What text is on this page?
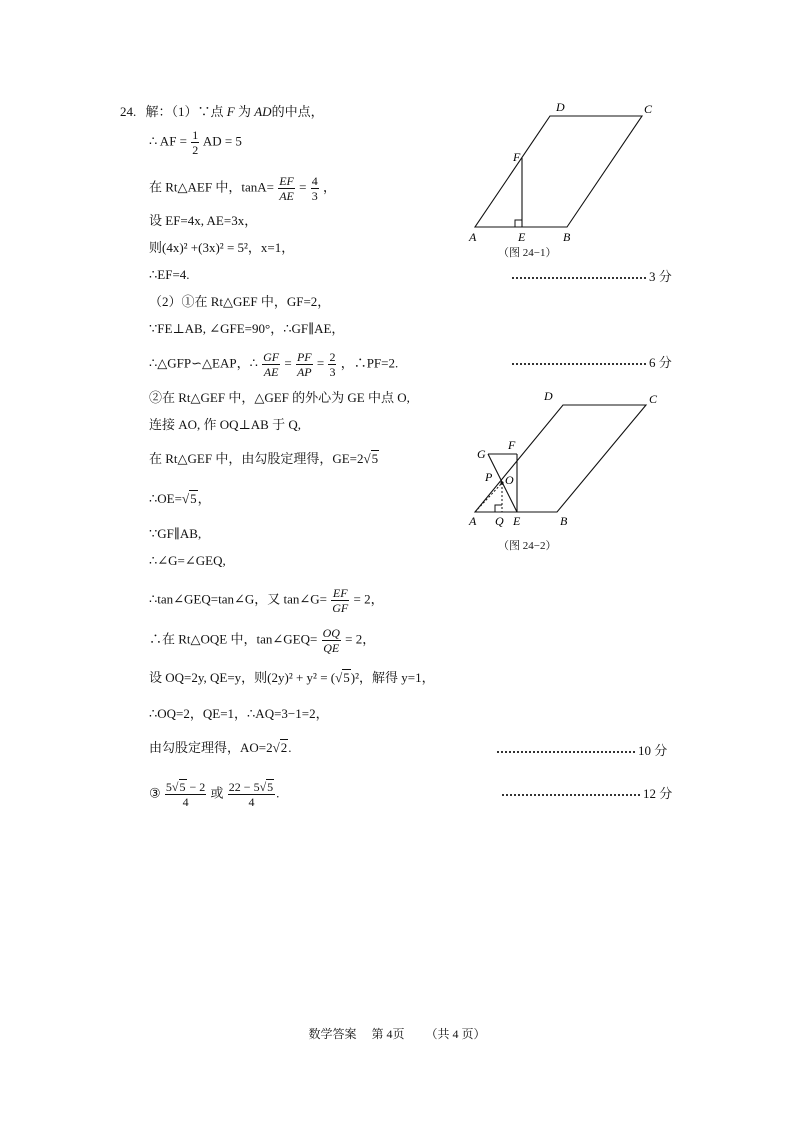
24. 解：（1）∵点 F 为 AD的中点，
∴ AF = $\frac{1}{2}$ AD = 5
在 Rt△AEF 中，$\tan A= \frac{EF}{AE} = \frac{4}{3}$ ，
设 EF=4x, AE=3x，
则(4x)² +(3x)² = 5²，x=1，
∴EF=4.	3 分
（2）①在 Rt△GEF 中，GF=2，
∵FE⊥AB, ∠GFE=90°，∴GF∥AE，
∴△GFP∽△EAP，∴ $\frac{GF}{AE} = \frac{PF}{AP} = \frac{2}{3}$ ，∴PF=2.	6 分
②在 Rt△GEF 中，△GEF 的外心为 GE 中点 O,
连接 AO, 作 OQ⊥AB 于 Q,
在 Rt△GEF 中，由勾股定理得，GE=2√5
∴OE=√5，
∵GF∥AB,
∴∠G=∠GEQ,
∴tan∠GEQ=tan∠G，又 tan∠G= $\frac{EF}{GF} = 2$，
∴在 Rt△OQE 中，tan∠GEQ= $\frac{OQ}{QE} = 2$，
设 OQ=2y, QE=y，则(2y)² + y² = (√5)²，解得 y=1，
∴OQ=2，QE=1，∴AQ=3−1=2，
由勾股定理得，AO=2√2.	10 分
③ $\frac{5√5 - 2}{4}$ 或 $\frac{22 - 5√5}{4}$ .	12 分
A	E	B
C
D
F
（图 24−1）
A Q E	B
C
D
F
G
P O
（图 24−2）
数学答案 第 4页 （共 4 页）
